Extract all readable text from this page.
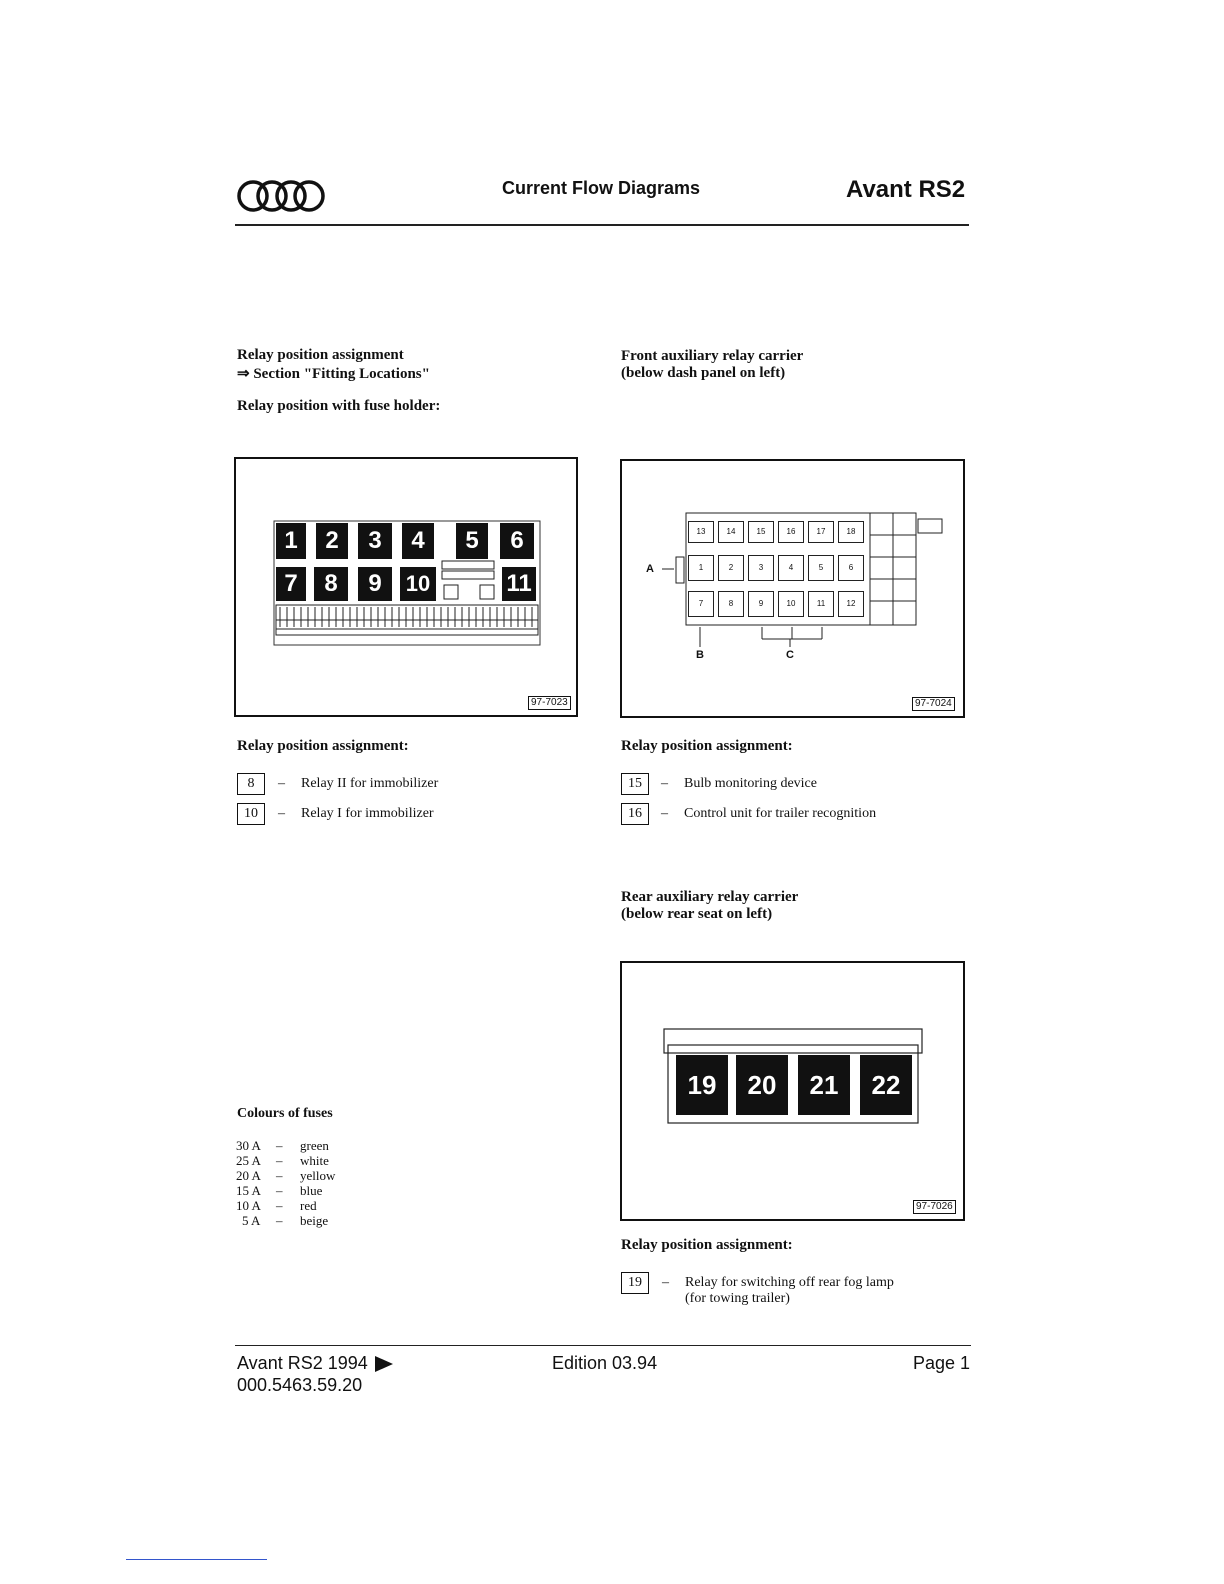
Current Flow Diagrams	Avant RS2
Relay position assignment
⇒ Section "Fitting Locations"
Relay position with fuse holder:
1	2	3	4	5	6
7	8	9	10	11
97-7023
Relay position assignment:
8	– Relay II for immobilizer
10	– Relay I for immobilizer
Colours of fuses
30 A – green
25 A – white
20 A – yellow
15 A – blue
10 A – red
5 A – beige
Front auxiliary relay carrier
(below dash panel on left)
13	14	15	16	17	18
1	2	3	4	5	6
7	8	9	10	11	12
A
B	C
97-7024
Relay position assignment:
15	– Bulb monitoring device
16	– Control unit for trailer recognition
Rear auxiliary relay carrier
(below rear seat on left)
19	20	21	22
97-7026
Relay position assignment:
19	– Relay for switching off rear fog lamp
(for towing trailer)
Avant RS2 1994
000.5463.59.20
Edition 03.94	Page 1
